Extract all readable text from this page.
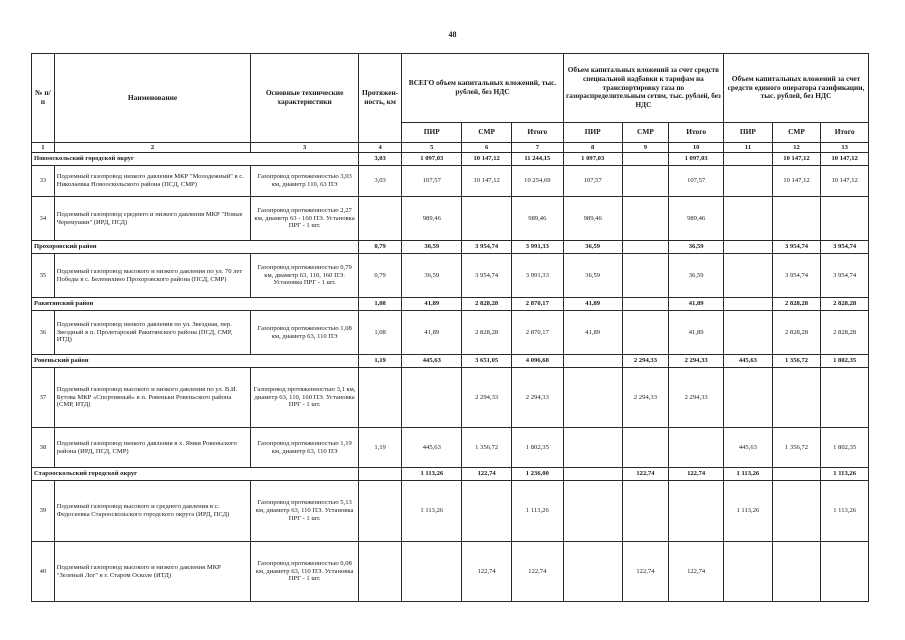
48
№ п/п	Наименование	Основные технические характеристики	Протяжен-ность, км	ВСЕГО объем капитальных вложений, тыс. рублей, без НДС			Объем капитальных вложений за счет средств специальной надбавки к тарифам на транспортировку газа по газораспределительным сетям, тыс. рублей, без НДС			Объем капитальных вложений за счет средств единого оператора газификации, тыс. рублей, без НДС		
				ПИР	СМР	Итого	ПИР	СМР	Итого	ПИР	СМР	Итого
1	2	3	4	5	6	7	8	9	10	11	12	13
Новооскольский городской округ			3,03	1 097,03	10 147,12	11 244,15	1 097,03		1 097,03		10 147,12	10 147,12
33	Подземный газопровод низкого давления МКР "Молодежный" в с. Николаевка Новооскольского района (ПСД, СМР)	Газопровод протяженностью 3,03 км, диаметр 110, 63 ПЭ	3,03	107,57	10 147,12	10 254,69	107,57		107,57		10 147,12	10 147,12
34	Подземный газопровод среднего и низкого давления МКР "Новые Черемушки" (ИРД, ПСД)	Газопровод протяженностью 2,27 км, диаметр 63 - 160 ПЭ. Установка ПРГ - 1 шт.		989,46		989,46	989,46		989,46			
Прохоровский район			0,79	36,59	3 954,74	3 991,33	36,59		36,59		3 954,74	3 954,74
35	Подземный газопровод высокого и низкого давления по ул. 70 лет Победы в с. Беленихино Прохоровского района (ПСД, СМР)	Газопровод протяженностью 0,79 км, диаметр 63, 110, 160 ПЭ. Установка ПРГ - 1 шт.	0,79	36,59	3 954,74	3 991,33	36,59		36,59		3 954,74	3 954,74
Ракитянский район			1,08	41,89	2 828,28	2 870,17	41,89		41,89		2 828,28	2 828,28
36	Подземный газопровод низкого давления по ул. Звездная, пер. Звездный в п. Пролетарский Ракитянского района (ПСД, СМР, ИТД)	Газопровод протяженностью 1,08 км, диаметр 63, 110 ПЭ	1,08	41,89	2 828,28	2 870,17	41,89		41,89		2 828,28	2 828,28
Ровеньский район			1,19	445,63	3 651,05	4 096,68		2 294,33	2 294,33	445,63	1 356,72	1 802,35
37	Подземный газопровод высокого и низкого давления по ул. В.И. Бутова МКР «Спортивный» в п. Ровеньки Ровеньского района (СМР, ИТД)	Газопровод протяженностью 3,1 км, диаметр 63, 110, 160 ПЭ. Установка ПРГ - 1 шт.			2 294,33	2 294,33		2 294,33	2 294,33			
38	Подземный газопровод низкого давления в х. Ямки Ровеньского района (ИРД, ПСД, СМР)	Газопровод протяженностью 1,19 км, диаметр 63, 110 ПЭ	1,19	445,63	1 356,72	1 802,35				445,63	1 356,72	1 802,35
Старооскольский городской округ				1 113,26	122,74	1 236,00		122,74	122,74	1 113,26		1 113,26
39	Подземный газопровод высокого и среднего давления в с. Федосеевка Старооскольского городского округа (ИРД, ПСД)	Газопровод протяженностью 5,13 км, диаметр 63, 110 ПЭ. Установка ПРГ - 1 шт.		1 113,26		1 113,26				1 113,26		1 113,26
40	Подземный газопровод высокого и низкого давления МКР "Зеленый Лог" в г. Старом Осколе (ИТД)	Газопровод протяженностью 0,08 км, диаметр 63, 110 ПЭ. Установка ПРГ - 1 шт.			122,74	122,74		122,74	122,74			
